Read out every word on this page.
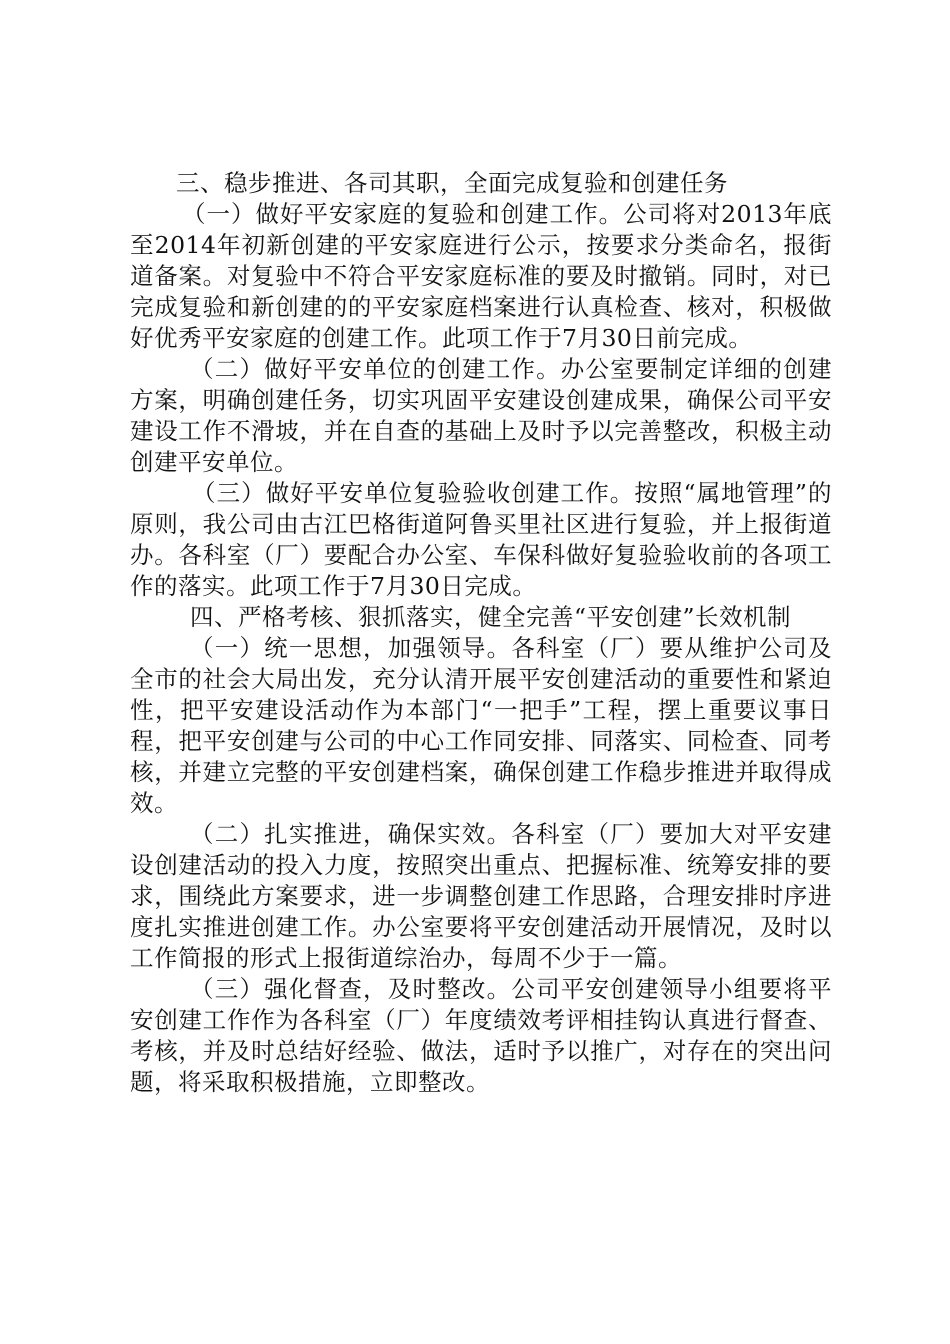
三、稳步推进、各司其职，全面完成复验和创建任务

（一）做好平安家庭的复验和创建工作。公司将对2013年底至2014年初新创建的平安家庭进行公示，按要求分类命名，报街道备案。对复验中不符合平安家庭标准的要及时撤销。同时，对已完成复验和新创建的的平安家庭档案进行认真检查、核对，积极做好优秀平安家庭的创建工作。此项工作于7月30日前完成。

（二）做好平安单位的创建工作。办公室要制定详细的创建方案，明确创建任务，切实巩固平安建设创建成果，确保公司平安建设工作不滑坡，并在自查的基础上及时予以完善整改，积极主动创建平安单位。

（三）做好平安单位复验验收创建工作。按照“属地管理”的原则，我公司由古江巴格街道阿鲁买里社区进行复验，并上报街道办。各科室（厂）要配合办公室、车保科做好复验验收前的各项工作的落实。此项工作于7月30日完成。

四、严格考核、狠抓落实，健全完善“平安创建”长效机制

（一）统一思想，加强领导。各科室（厂）要从维护公司及全市的社会大局出发，充分认清开展平安创建活动的重要性和紧迫性，把平安建设活动作为本部门“一把手”工程，摆上重要议事日程，把平安创建与公司的中心工作同安排、同落实、同检查、同考核，并建立完整的平安创建档案，确保创建工作稳步推进并取得成效。

（二）扎实推进，确保实效。各科室（厂）要加大对平安建设创建活动的投入力度，按照突出重点、把握标准、统筹安排的要求，围绕此方案要求，进一步调整创建工作思路，合理安排时序进度扎实推进创建工作。办公室要将平安创建活动开展情况，及时以工作简报的形式上报街道综治办，每周不少于一篇。

（三）强化督查，及时整改。公司平安创建领导小组要将平安创建工作作为各科室（厂）年度绩效考评相挂钩认真进行督查、考核，并及时总结好经验、做法，适时予以推广，对存在的突出问题，将采取积极措施，立即整改。
